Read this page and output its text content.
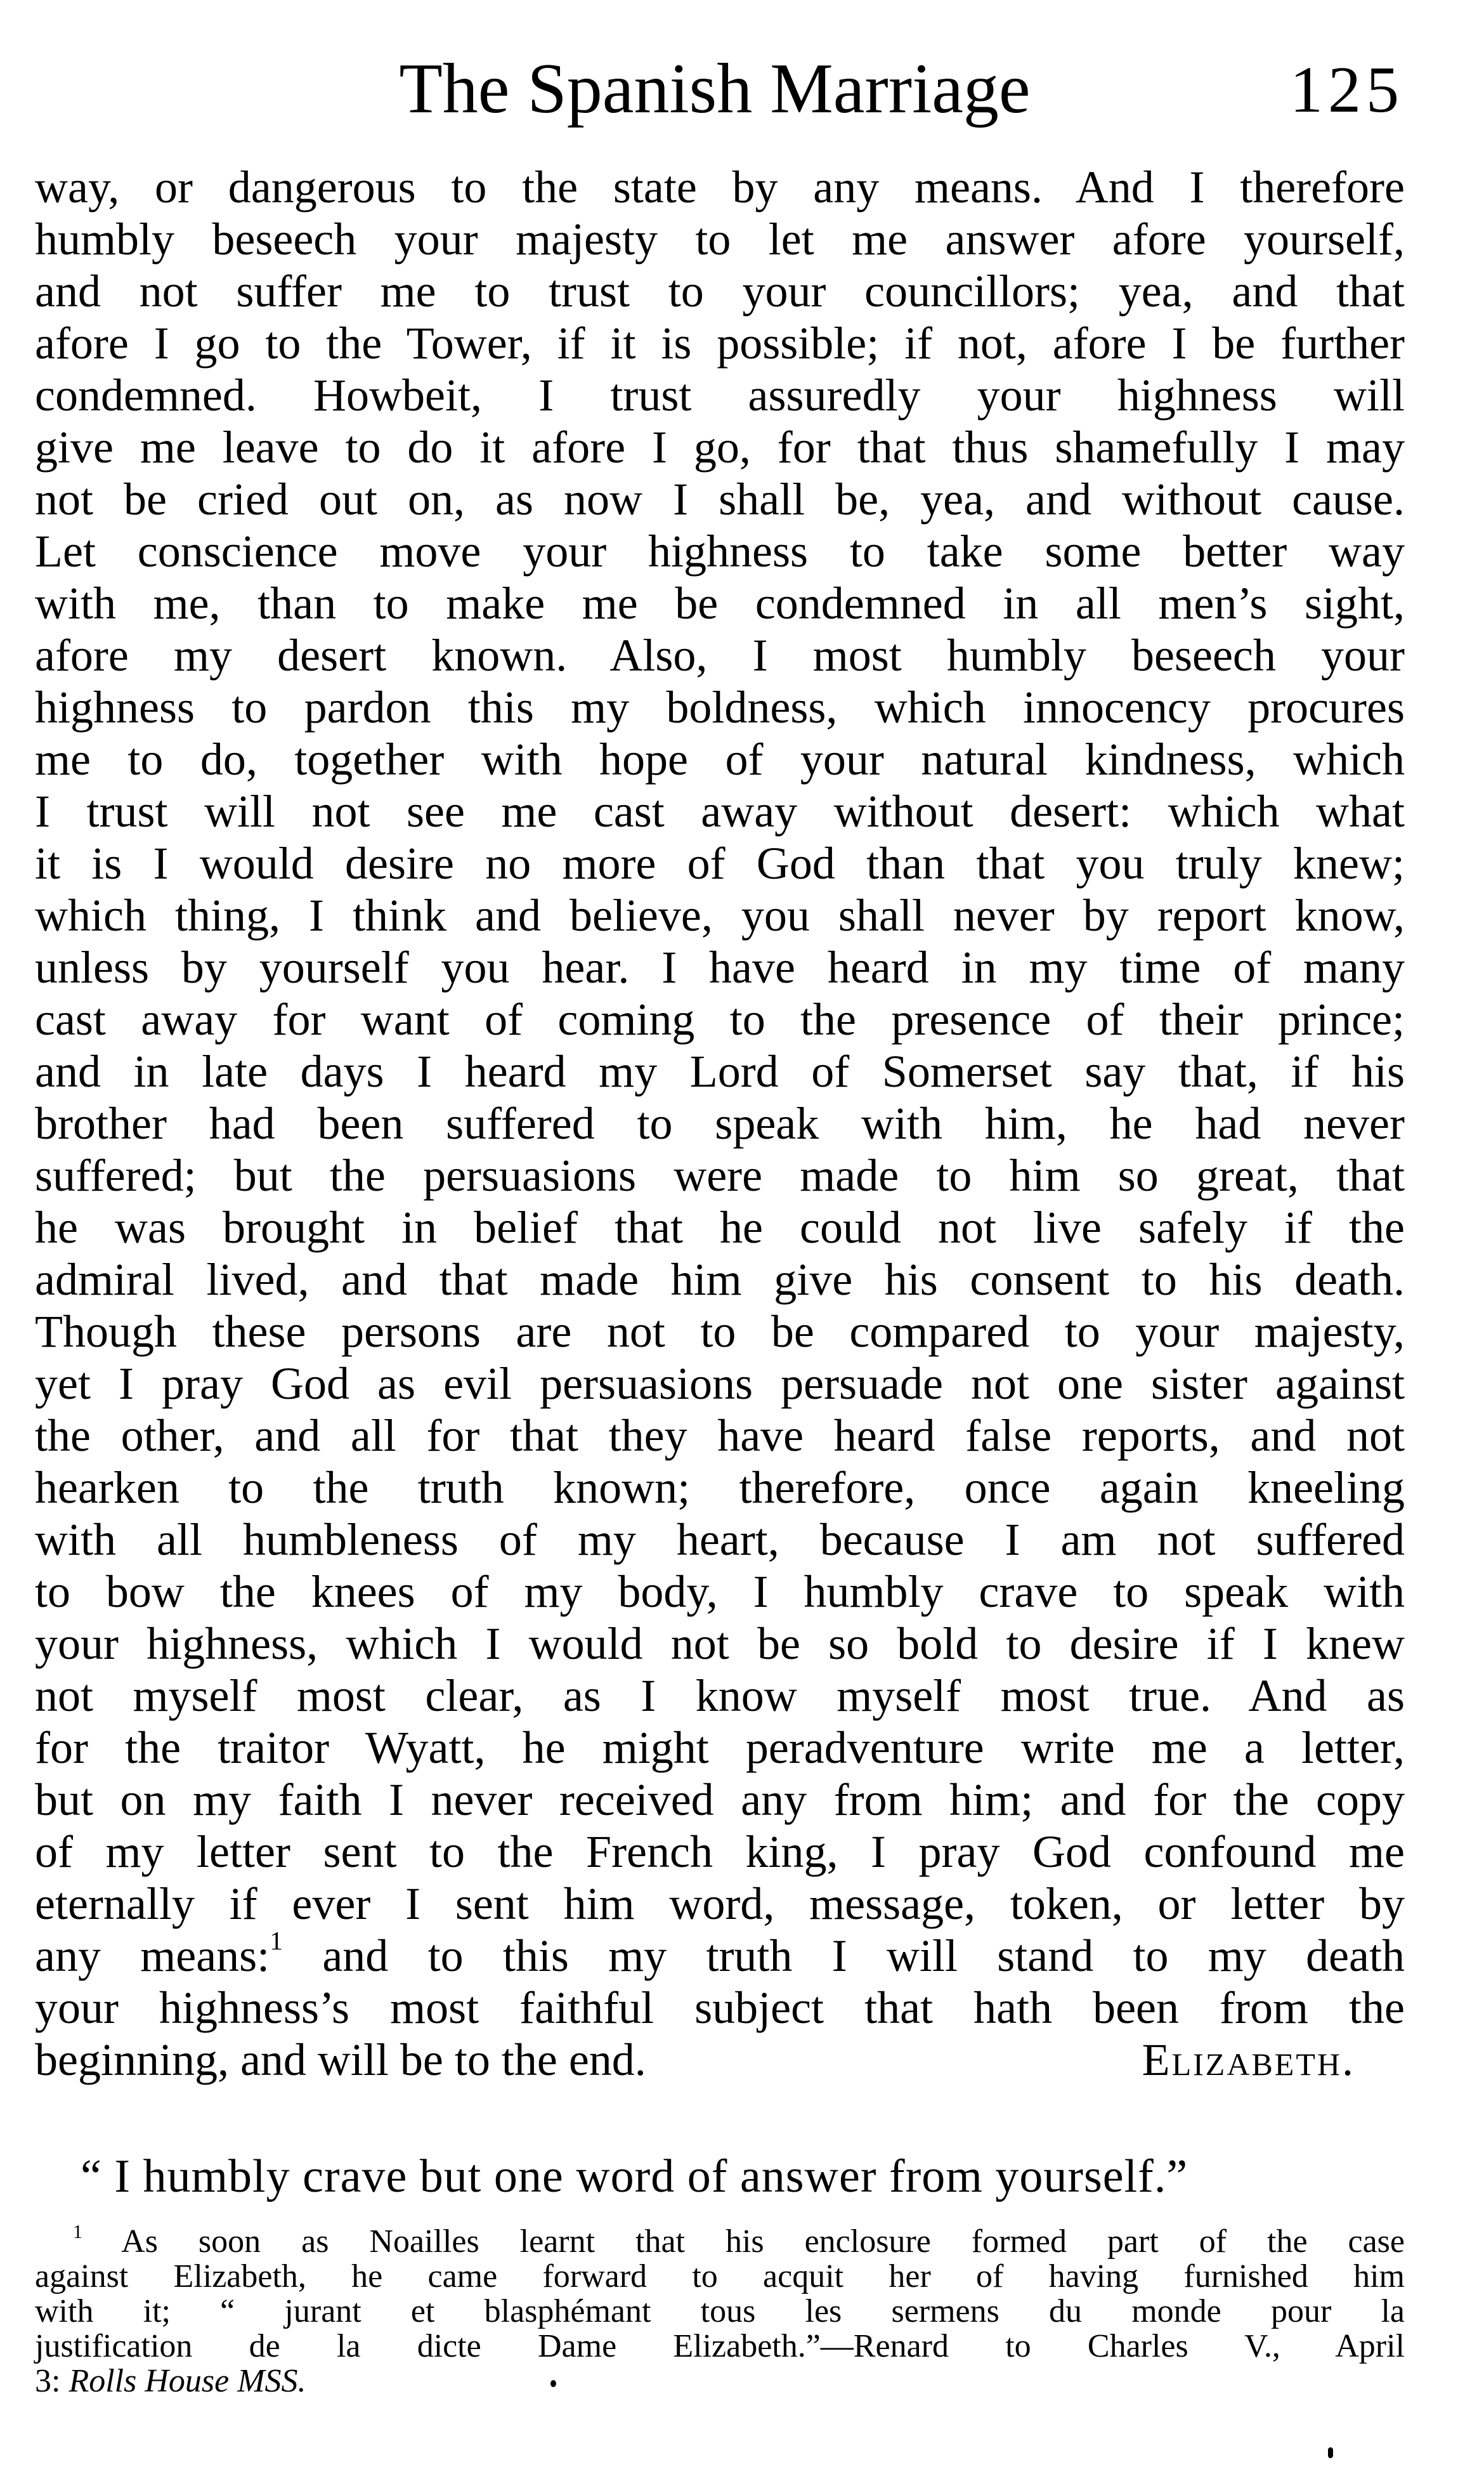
The Spanish Marriage	125
way, or dangerous to the state by any means. And I therefore
humbly beseech your majesty to let me answer afore yourself,
and not suffer me to trust to your councillors; yea, and that
afore I go to the Tower, if it is possible; if not, afore I be further
condemned. Howbeit, I trust assuredly your highness will
give me leave to do it afore I go, for that thus shamefully I may
not be cried out on, as now I shall be, yea, and without cause.
Let conscience move your highness to take some better way
with me, than to make me be condemned in all men’s sight,
afore my desert known. Also, I most humbly beseech your
highness to pardon this my boldness, which innocency procures
me to do, together with hope of your natural kindness, which
I trust will not see me cast away without desert: which what
it is I would desire no more of God than that you truly knew;
which thing, I think and believe, you shall never by report know,
unless by yourself you hear. I have heard in my time of many
cast away for want of coming to the presence of their prince;
and in late days I heard my Lord of Somerset say that, if his
brother had been suffered to speak with him, he had never
suffered; but the persuasions were made to him so great, that
he was brought in belief that he could not live safely if the
admiral lived, and that made him give his consent to his death.
Though these persons are not to be compared to your majesty,
yet I pray God as evil persuasions persuade not one sister against
the other, and all for that they have heard false reports, and not
hearken to the truth known; therefore, once again kneeling
with all humbleness of my heart, because I am not suffered
to bow the knees of my body, I humbly crave to speak with
your highness, which I would not be so bold to desire if I knew
not myself most clear, as I know myself most true. And as
for the traitor Wyatt, he might peradventure write me a letter,
but on my faith I never received any from him; and for the copy
of my letter sent to the French king, I pray God confound me
eternally if ever I sent him word, message, token, or letter by
any means:$^1$ and to this my truth I will stand to my death
your highness’s most faithful subject that hath been from the
beginning, and will be to the end.	Elizabeth.
“ I humbly crave but one word of answer from yourself.”
$^1$ As soon as Noailles learnt that his enclosure formed part of the case
against Elizabeth, he came forward to acquit her of having furnished him
with it; “ jurant et blasphémant tous les sermens du monde pour la
justification de la dicte Dame Elizabeth.”—Renard to Charles V., April
3: Rolls House MSS.
